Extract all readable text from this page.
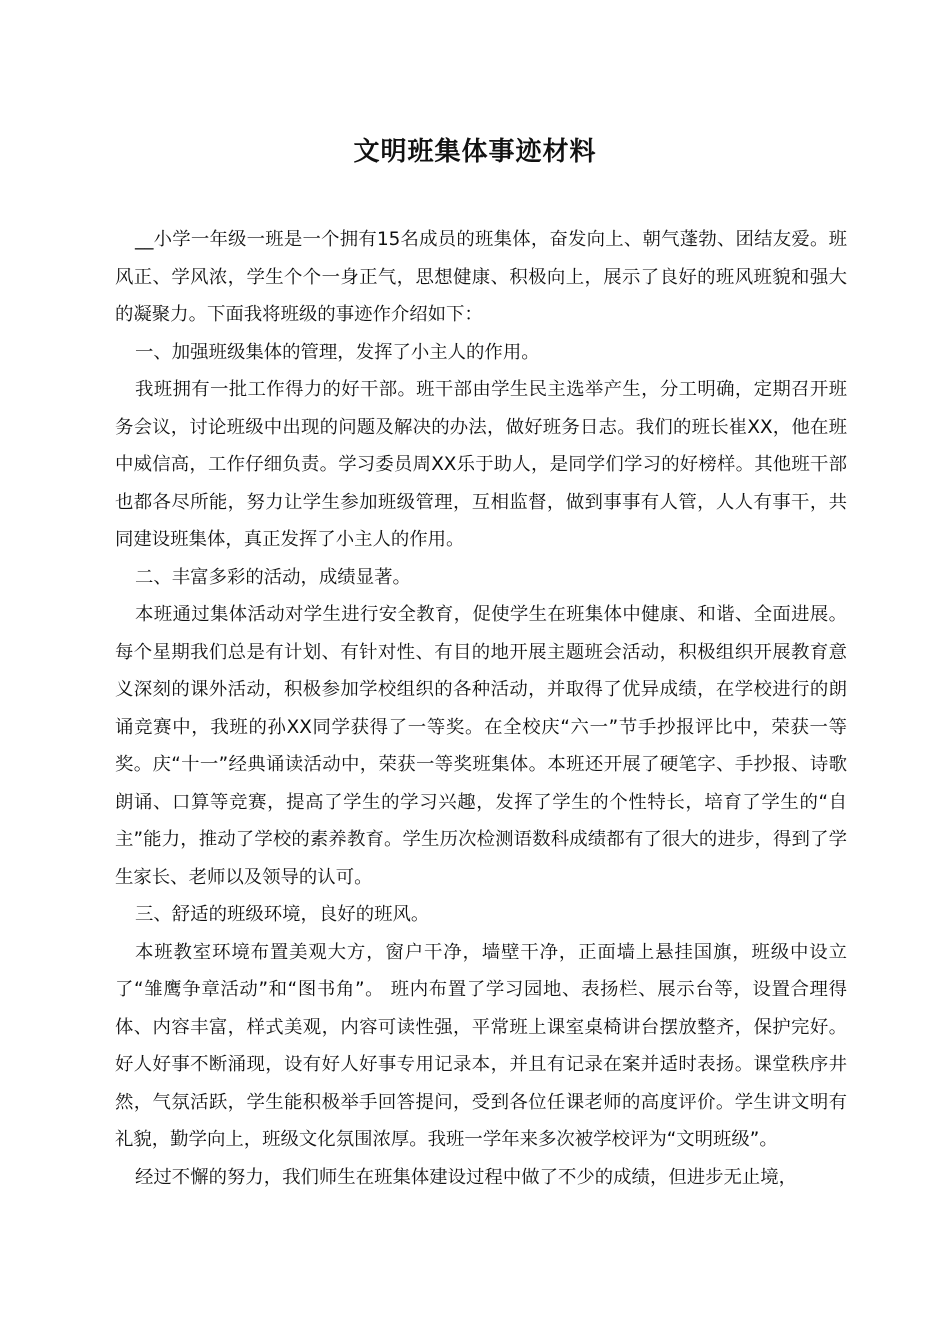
文明班集体事迹材料

__小学一年级一班是一个拥有15名成员的班集体，奋发向上、朝气蓬勃、团结友爱。班风正、学风浓，学生个个一身正气，思想健康、积极向上，展示了良好的班风班貌和强大的凝聚力。下面我将班级的事迹作介绍如下：

一、加强班级集体的管理，发挥了小主人的作用。

我班拥有一批工作得力的好干部。班干部由学生民主选举产生，分工明确，定期召开班务会议，讨论班级中出现的问题及解决的办法，做好班务日志。我们的班长崔XX，他在班中威信高，工作仔细负责。学习委员周XX乐于助人，是同学们学习的好榜样。其他班干部也都各尽所能，努力让学生参加班级管理，互相监督，做到事事有人管，人人有事干，共同建设班集体，真正发挥了小主人的作用。

二、丰富多彩的活动，成绩显著。

本班通过集体活动对学生进行安全教育，促使学生在班集体中健康、和谐、全面进展。每个星期我们总是有计划、有针对性、有目的地开展主题班会活动，积极组织开展教育意义深刻的课外活动，积极参加学校组织的各种活动，并取得了优异成绩，在学校进行的朗诵竞赛中，我班的孙XX同学获得了一等奖。在全校庆“六一”节手抄报评比中，荣获一等奖。庆“十一”经典诵读活动中，荣获一等奖班集体。本班还开展了硬笔字、手抄报、诗歌朗诵、口算等竞赛，提高了学生的学习兴趣，发挥了学生的个性特长，培育了学生的“自主”能力，推动了学校的素养教育。学生历次检测语数科成绩都有了很大的进步，得到了学生家长、老师以及领导的认可。

三、舒适的班级环境，良好的班风。

本班教室环境布置美观大方，窗户干净，墙壁干净，正面墙上悬挂国旗，班级中设立了“雏鹰争章活动”和“图书角”。 班内布置了学习园地、表扬栏、展示台等，设置合理得体、内容丰富，样式美观，内容可读性强，平常班上课室桌椅讲台摆放整齐，保护完好。好人好事不断涌现，设有好人好事专用记录本，并且有记录在案并适时表扬。课堂秩序井然，气氛活跃，学生能积极举手回答提问，受到各位任课老师的高度评价。学生讲文明有礼貌，勤学向上，班级文化氛围浓厚。我班一学年来多次被学校评为“文明班级”。

经过不懈的努力，我们师生在班集体建设过程中做了不少的成绩，但进步无止境，
